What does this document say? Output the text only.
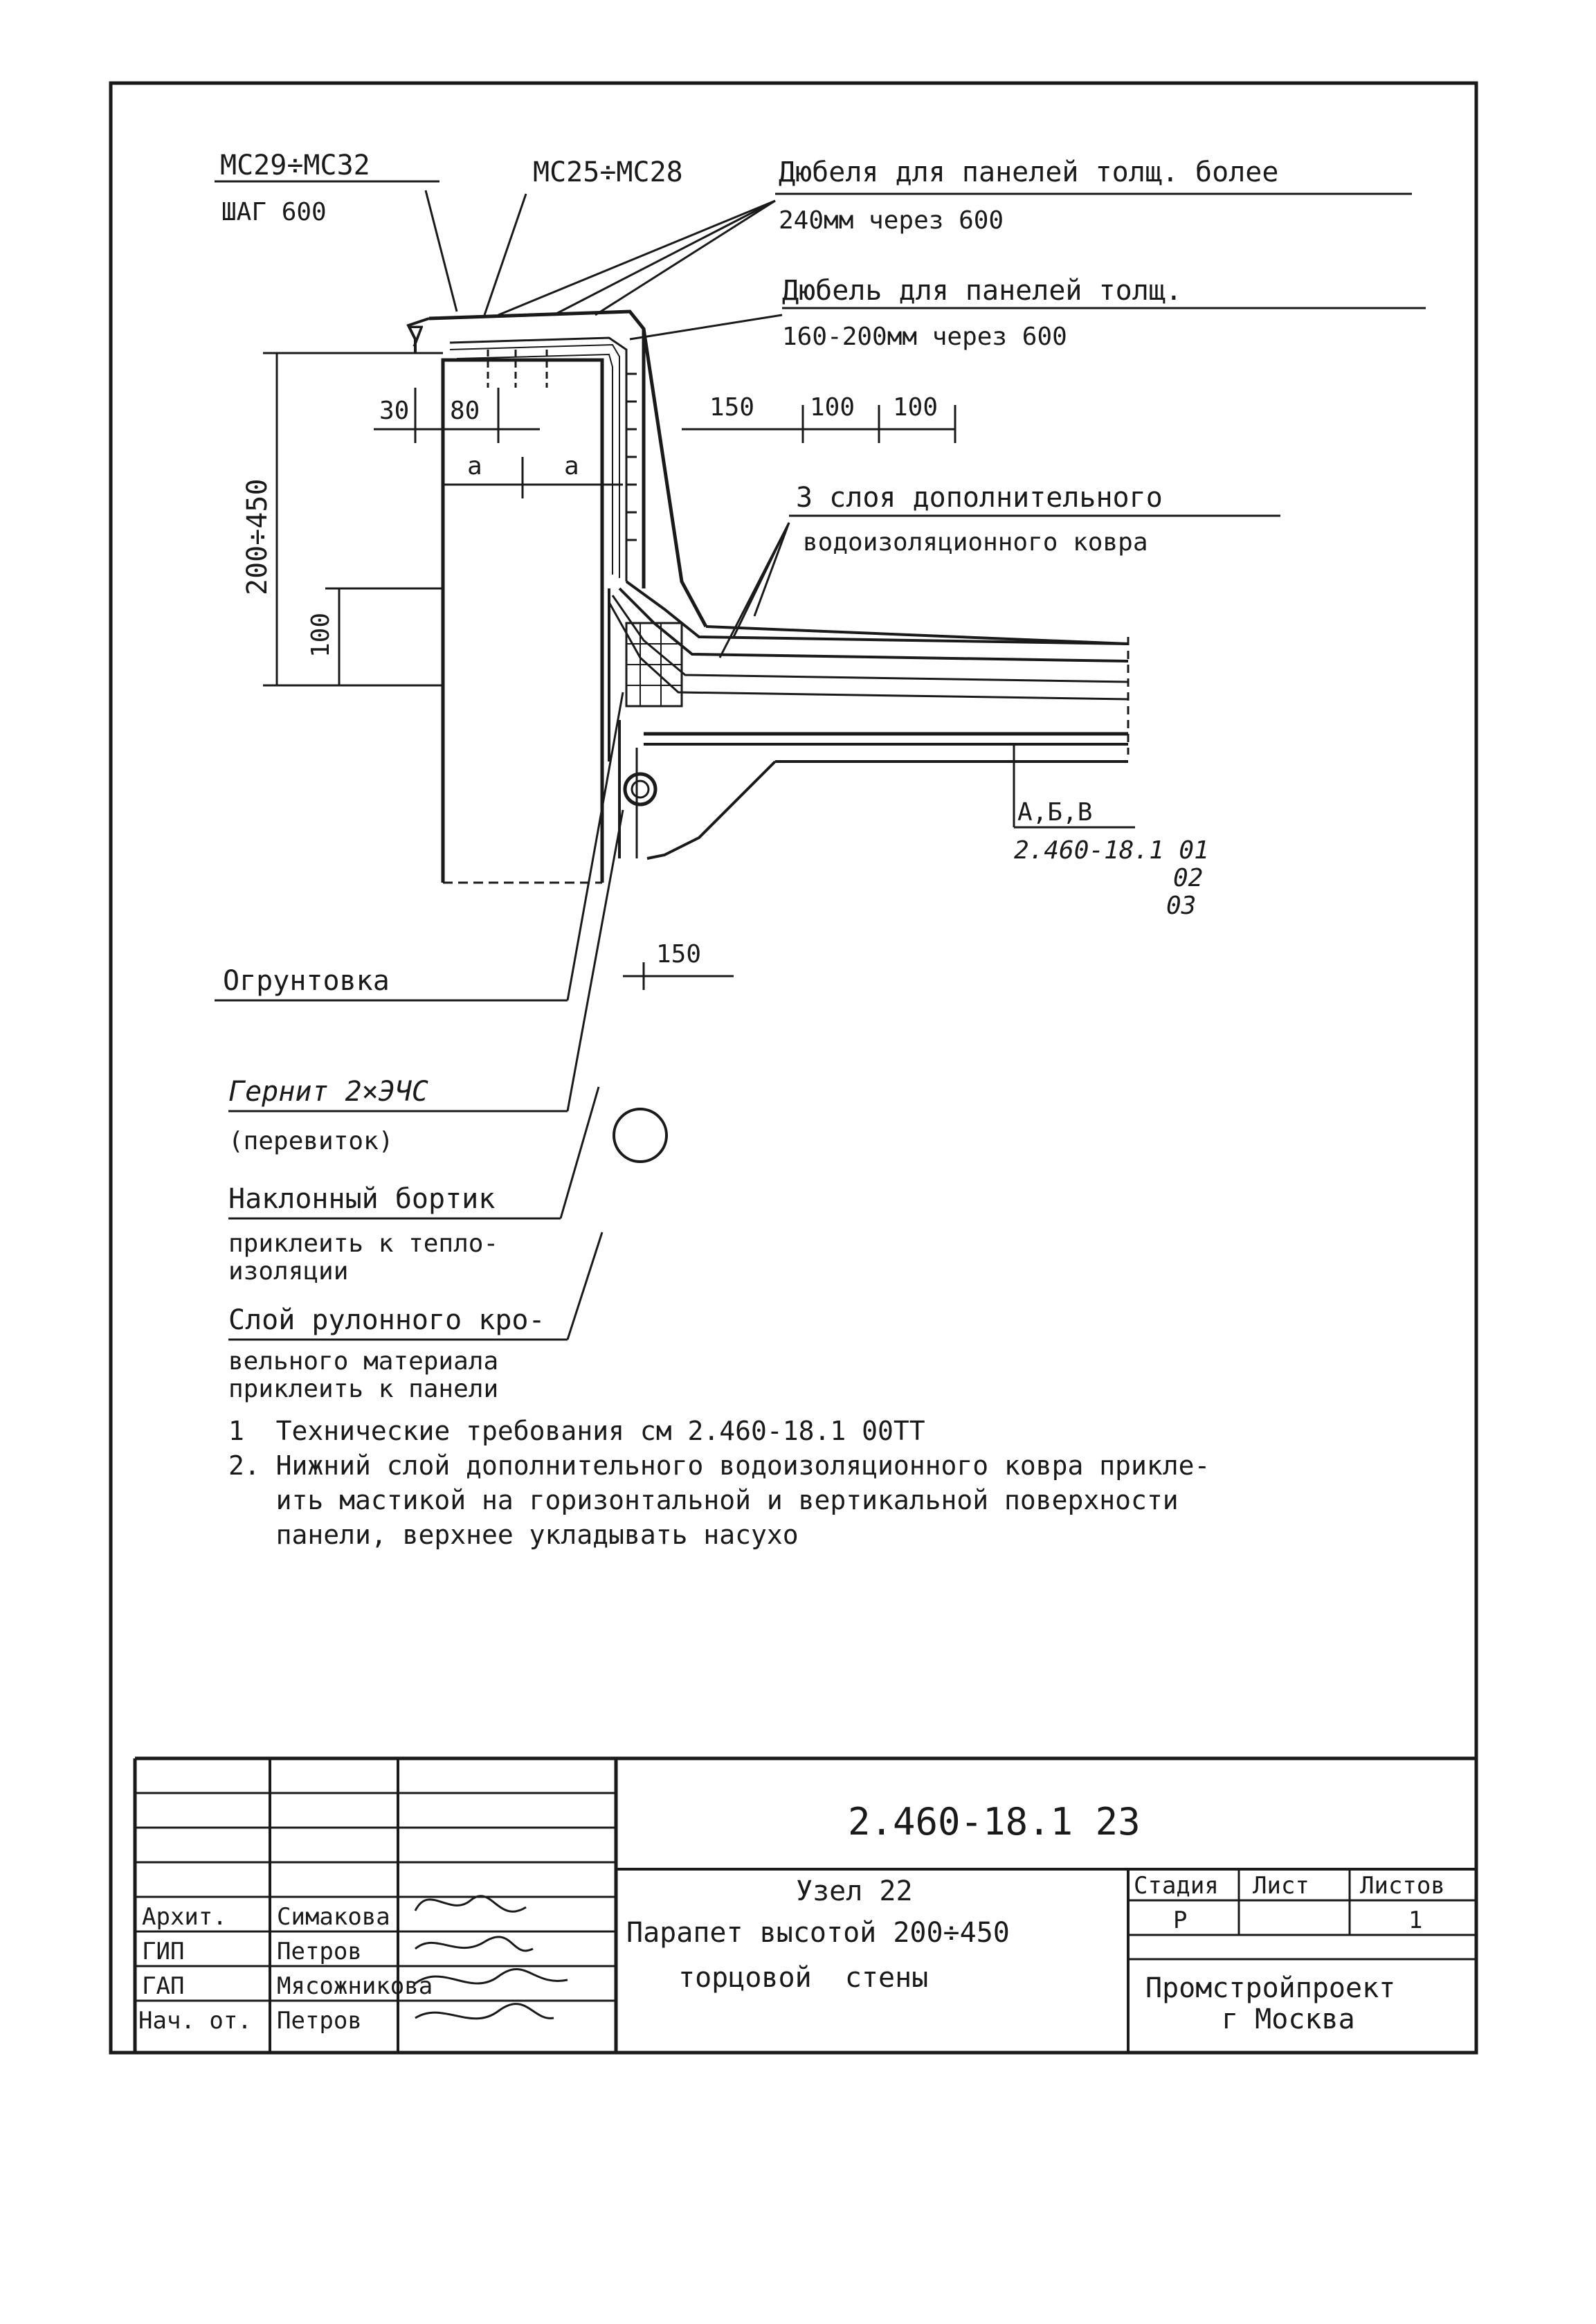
МС29÷МС32
ШАГ 600
МС25÷МС28	Дюбеля для панелей толщ. более
240мм через 600
Дюбель для панелей толщ.
160-200мм через 600
150 100 100
3 слоя дополнительного
водоизоляционного ковра
7
30 80
a	a
200÷450
100
А,Б,В
2.460-18.1 01
02
03
150
Огрунтовка
Гернит 2×ЭЧС
(перевиток)
Наклонный бортик
приклеить к тепло-
изоляции
Слой рулонного кро-
вельного материала
приклеить к панели
1  Технические требования см 2.460-18.1 00ТТ
2. Нижний слой дополнительного водоизоляционного ковра прикле-
ить мастикой на горизонтальной и вертикальной поверхности
панели, верхнее укладывать насухо
2.460-18.1 23
Узел 22
Парапет высотой 200÷450
торцовой  стены
Стадия Лист Листов
Р	1
Промстройпроект
г Москва
Архит. Симакова
ГИП	Петров
ГАП	Мясожникова
Нач. от. Петров
